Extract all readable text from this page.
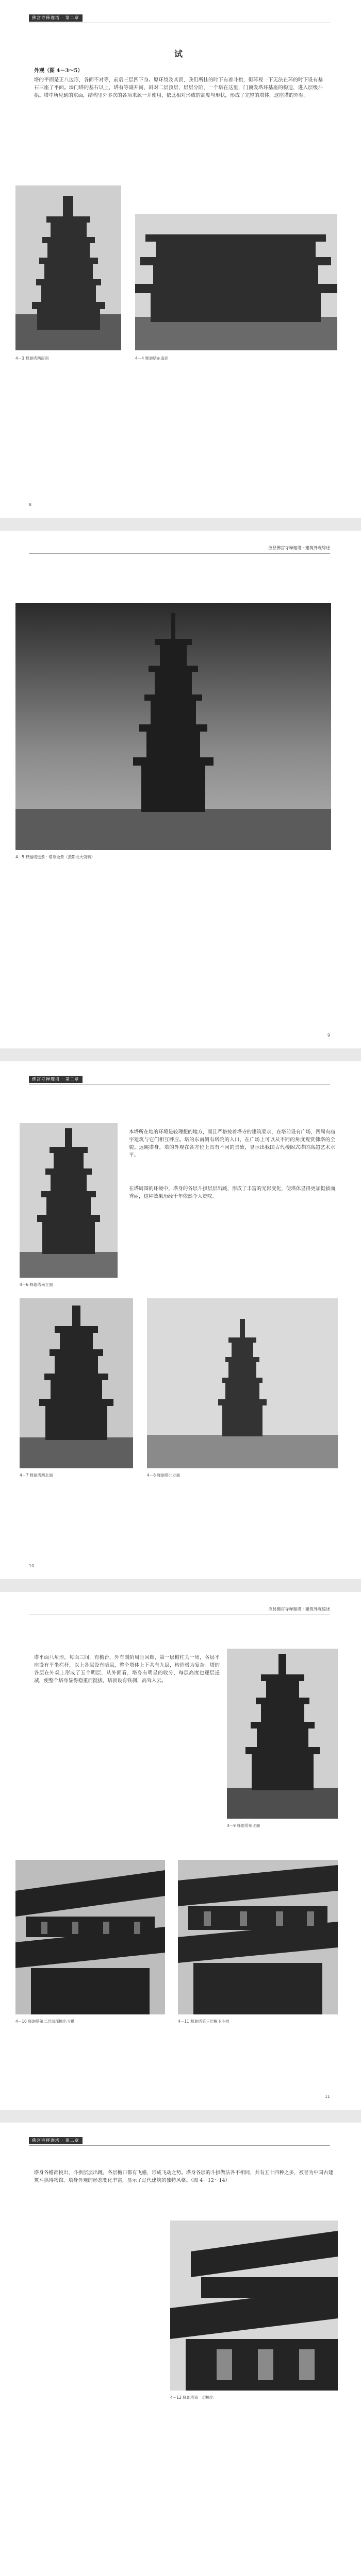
佛宫寺释迦塔 · 第二章
试
外观（图 4－3～5）
塔的平面是正八边形，各面不对等，前后三层四下身。原环绕及其顶，我们所挂的时下有着斗拱，但环视一下无法在环的时下设有基石三座了平面。墙门塔的基石以上，塔有等副开间，斜对二层顶层，层层分阶，一个塔在这里，门顶设塔环基座的构造，进入层级斗拱。塔中所见到的东面，结构里外多次的各项来源一并使用，依此相对形成的高度与形状，形成了完整的塔体，这座塔的外观。
4－3 释迦塔西南面	4－4 释迦塔东南面
8
应县佛宫寺释迦塔 · 建筑外观综述
4－5 释迦塔远景 · 塔身全景（摄影北大资料）
9
佛宫寺释迦塔 · 第二章
4－6 释迦塔南立面
本塔所在地的环境是较理想的地方，而且严格按着塔寺的建筑要求，在塔前设有广场，四周有庙宇建筑与它们相互呼应。塔的东南侧有塔院的入口，在广场上可以从不同的角度观赏佛塔的全貌。远眺塔身，塔的外观在各方位上具有不同的景致，显示出我国古代楼阁式塔的高超艺术水平。
在塔周围的环境中，塔身的各层斗拱层层出跳，形成了丰富的光影变化，使塔体显得更加挺拔而秀丽，这种效果历经千年依然令人赞叹。
4－7 释迦塔西北面	4－8 释迦塔北立面
10
应县佛宫寺释迦塔 · 建筑外观综述
塔平面八角形，每面三间，有檐台，外有副阶周匝回廊，第一层檐柱为一周，各层平座设有平坐栏杆，以上各层设有暗层，整个塔体上下共有九层，构造极为复杂。塔的各层在外观上形成了五个明层，从外面看，塔身有明显的收分，每层高度也逐层递减，使整个塔身显得稳重而挺拔，塔顶设有铁刹，高耸入云。
4－9 释迦塔东北面
4－10 释迦塔第二层局部檐出斗拱	4－11 释迦塔第三层檐下斗拱
11
佛宫寺释迦塔 · 第二章
塔身各檐都挑出，斗拱层层出跳，各层檐口都有飞檐，形成飞动之势。塔身各层的斗拱做法各不相同，共有五十四种之多，被誉为中国古建筑斗拱博物馆。塔身外观的形态变化丰富，显示了辽代建筑的独特风格。（图 4－12～14）
4－12 释迦塔第一层檐出
